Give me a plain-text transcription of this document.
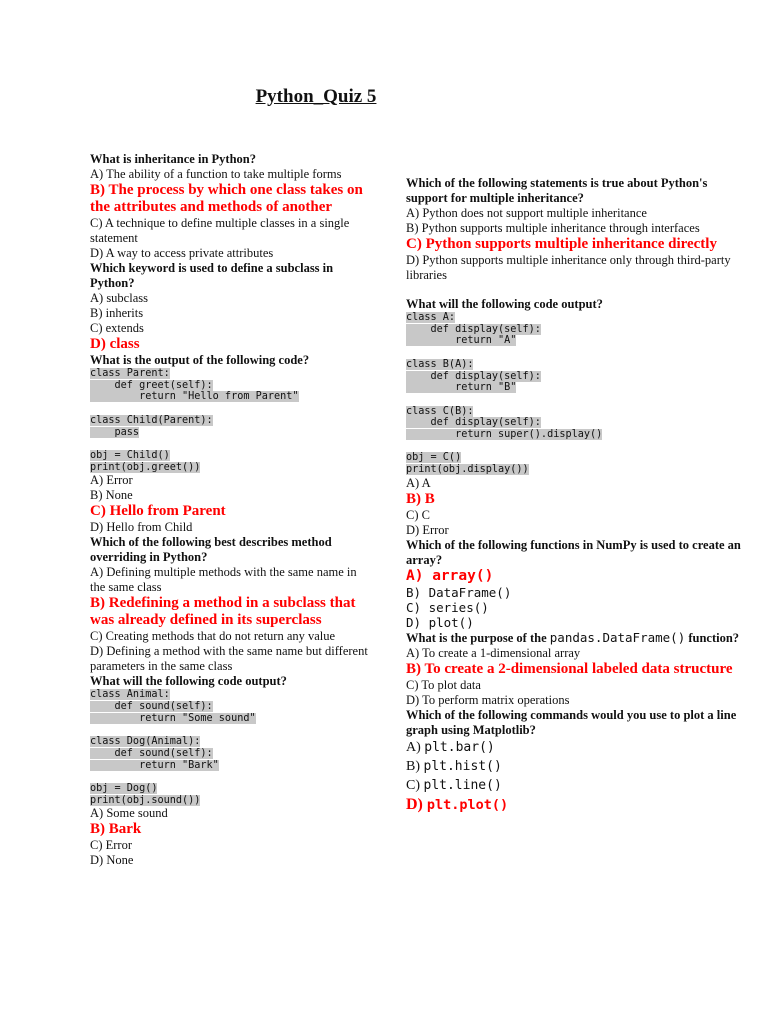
Python_Quiz 5
What is inheritance in Python?
A) The ability of a function to take multiple forms
B) The process by which one class takes on the attributes and methods of another
C) A technique to define multiple classes in a single statement
D) A way to access private attributes
Which keyword is used to define a subclass in Python?
A) subclass
B) inherits
C) extends
D) class
What is the output of the following code?
class Parent:
def greet(self):
return "Hello from Parent"

class Child(Parent):
pass

obj = Child()
print(obj.greet())
A) Error
B) None
C) Hello from Parent
D) Hello from Child
Which of the following best describes method overriding in Python?
A) Defining multiple methods with the same name in the same class
B) Redefining a method in a subclass that was already defined in its superclass
C) Creating methods that do not return any value
D) Defining a method with the same name but different parameters in the same class
What will the following code output?
class Animal:
def sound(self):
return "Some sound"

class Dog(Animal):
def sound(self):
return "Bark"

obj = Dog()
print(obj.sound())
A) Some sound
B) Bark
C) Error
D) None
Which of the following statements is true about Python's support for multiple inheritance?
A) Python does not support multiple inheritance
B) Python supports multiple inheritance through interfaces
C) Python supports multiple inheritance directly
D) Python supports multiple inheritance only through third-party libraries
What will the following code output?
class A:
def display(self):
return "A"

class B(A):
def display(self):
return "B"

class C(B):
def display(self):
return super().display()

obj = C()
print(obj.display())
A) A
B) B
C) C
D) Error
Which of the following functions in NumPy is used to create an array?
A) array()
B) DataFrame()
C) series()
D) plot()
What is the purpose of the pandas.DataFrame() function?
A) To create a 1-dimensional array
B) To create a 2-dimensional labeled data structure
C) To plot data
D) To perform matrix operations
Which of the following commands would you use to plot a line graph using Matplotlib?
A) plt.bar()
B) plt.hist()
C) plt.line()
D) plt.plot()
